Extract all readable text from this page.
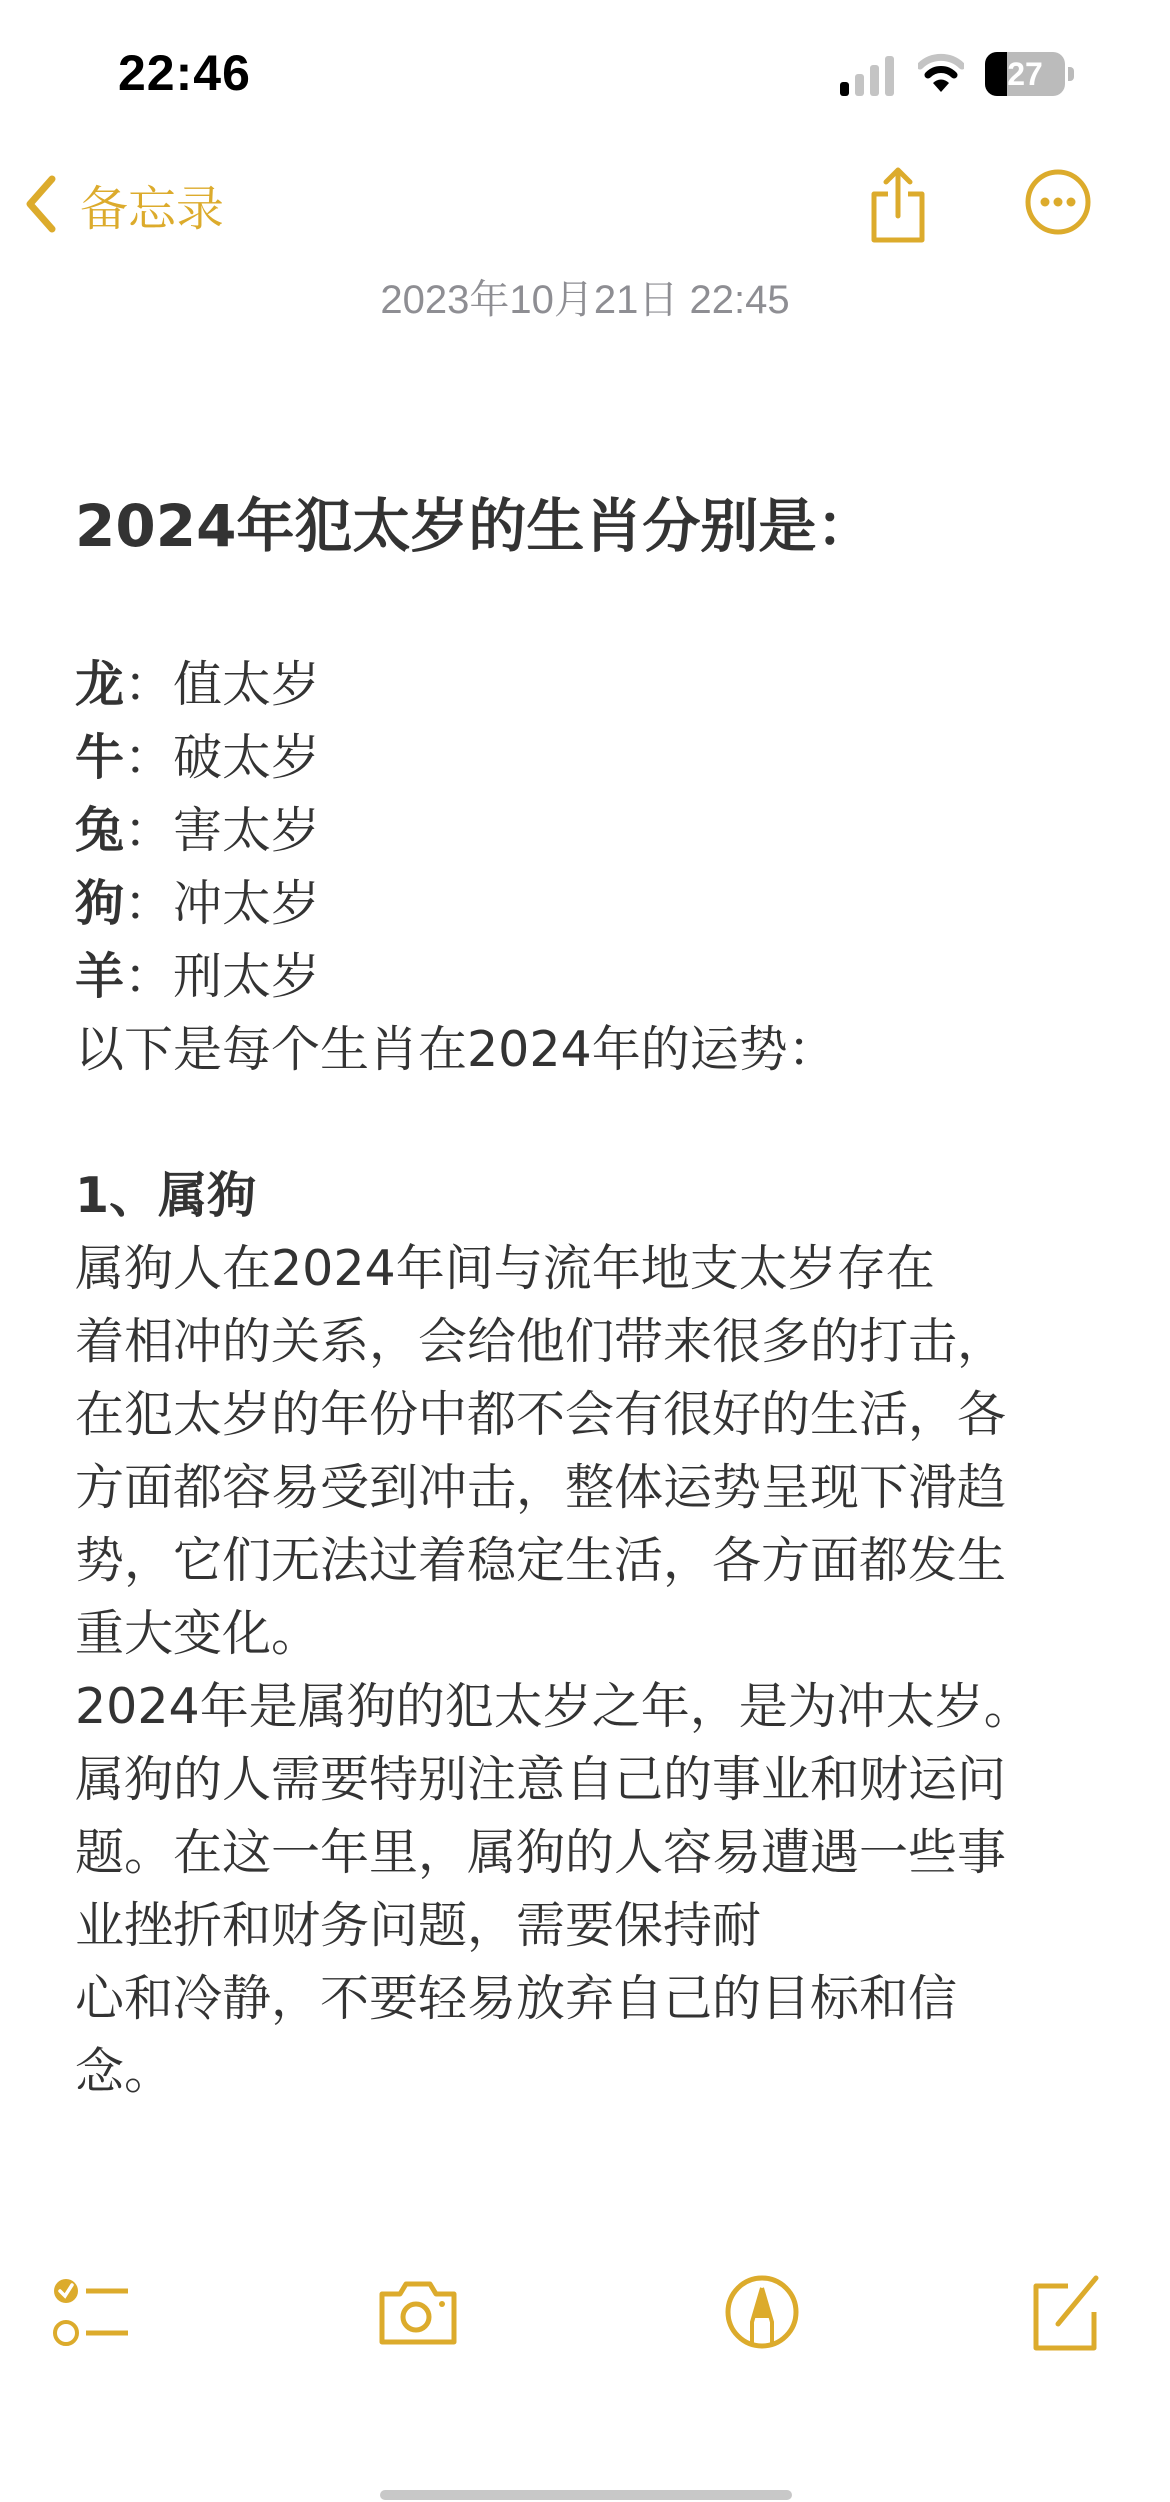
22:46	27
备忘录
2023年10月21日 22:45
2024年犯太岁的生肖分别是：
龙：值太岁
牛：破太岁
兔：害太岁
狗：冲太岁
羊：刑太岁
以下是每个生肖在2024年的运势：
1、属狗
属狗人在2024年间与流年地支太岁存在
着相冲的关系，会给他们带来很多的打击，
在犯太岁的年份中都不会有很好的生活，各
方面都容易受到冲击，整体运势呈现下滑趋
势，它们无法过着稳定生活，各方面都发生
重大变化。
2024年是属狗的犯太岁之年，是为冲太岁。
属狗的人需要特别注意自己的事业和财运问
题。在这一年里，属狗的人容易遭遇一些事
业挫折和财务问题，需要保持耐
心和冷静，不要轻易放弃自己的目标和信
念。
